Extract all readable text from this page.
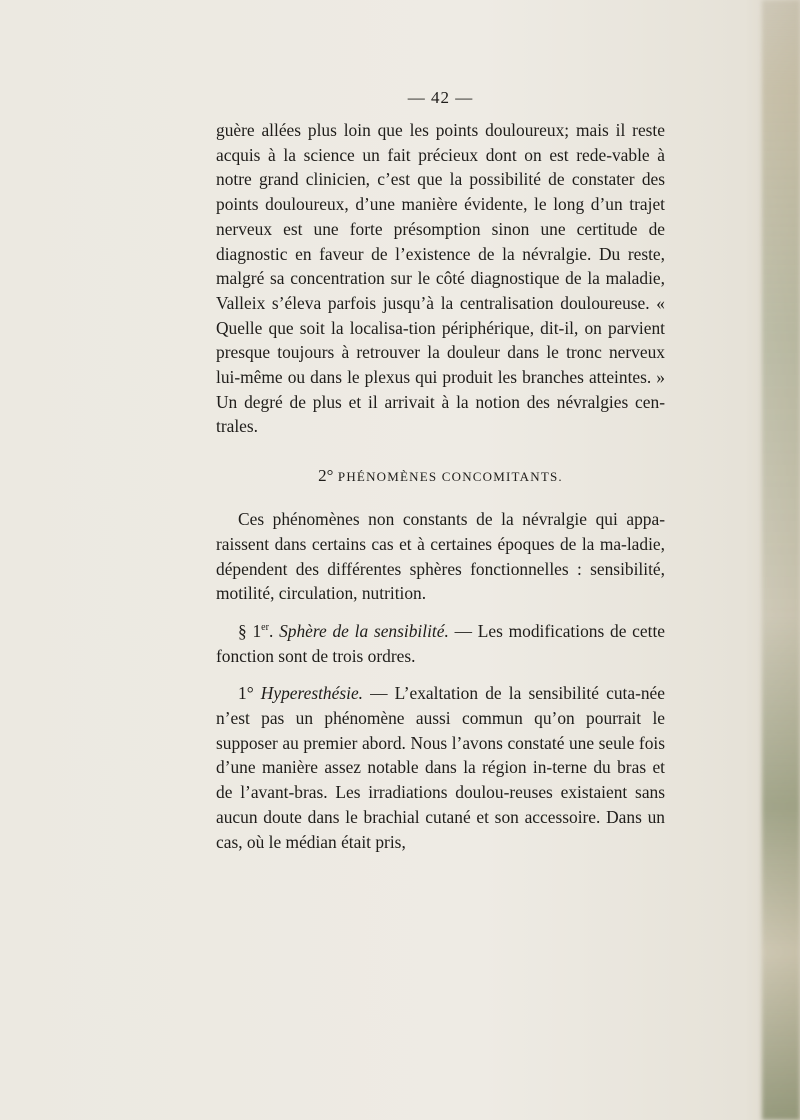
— 42 —

guère allées plus loin que les points douloureux; mais il reste acquis à la science un fait précieux dont on est rede-vable à notre grand clinicien, c’est que la possibilité de constater des points douloureux, d’une manière évidente, le long d’un trajet nerveux est une forte présomption sinon une certitude de diagnostic en faveur de l’existence de la névralgie. Du reste, malgré sa concentration sur le côté diagnostique de la maladie, Valleix s’éleva parfois jusqu’à la centralisation douloureuse. « Quelle que soit la localisa-tion périphérique, dit-il, on parvient presque toujours à retrouver la douleur dans le tronc nerveux lui-même ou dans le plexus qui produit les branches atteintes. » Un degré de plus et il arrivait à la notion des névralgies cen-trales.

2° PHÉNOMÈNES CONCOMITANTS.

Ces phénomènes non constants de la névralgie qui appa-raissent dans certains cas et à certaines époques de la ma-ladie, dépendent des différentes sphères fonctionnelles : sensibilité, motilité, circulation, nutrition.

§ 1er. Sphère de la sensibilité. — Les modifications de cette fonction sont de trois ordres.

1° Hyperesthésie. — L’exaltation de la sensibilité cuta-née n’est pas un phénomène aussi commun qu’on pourrait le supposer au premier abord. Nous l’avons constaté une seule fois d’une manière assez notable dans la région in-terne du bras et de l’avant-bras. Les irradiations doulou-reuses existaient sans aucun doute dans le brachial cutané et son accessoire. Dans un cas, où le médian était pris,
